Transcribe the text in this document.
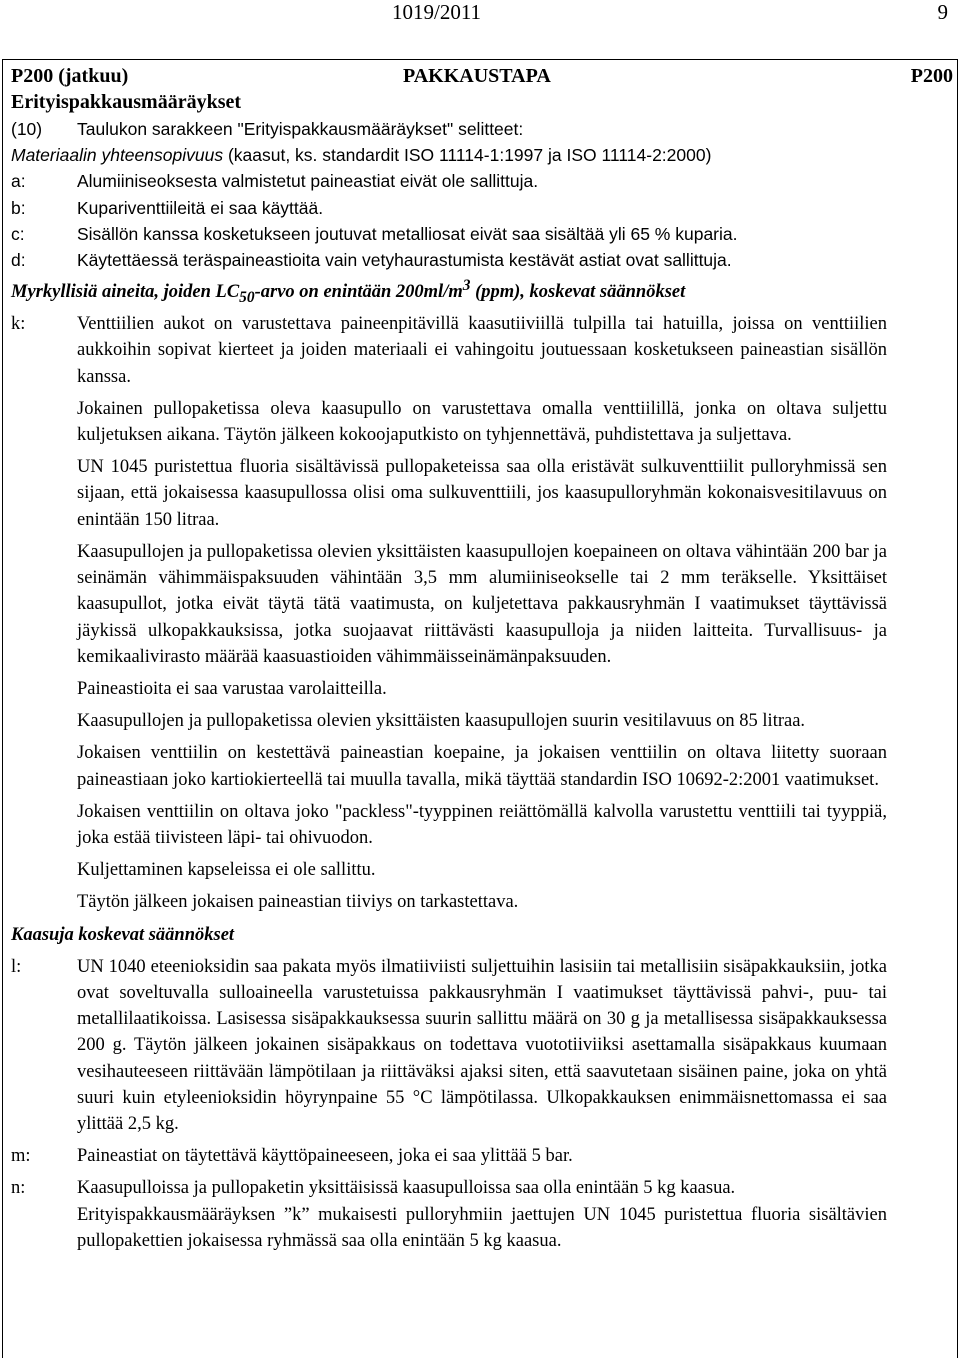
1019/2011	9
P200 (jatkuu)	PAKKAUSTAPA	P200
Erityispakkausmääräykset
(10)	Taulukon sarakkeen "Erityispakkausmääräykset" selitteet:
Materiaalin yhteensopivuus (kaasut, ks. standardit ISO 11114-1:1997 ja ISO 11114-2:2000)
a:	Alumiiniseoksesta valmistetut paineastiat eivät ole sallittuja.
b:	Kupariventtiileitä ei saa käyttää.
c:	Sisällön kanssa kosketukseen joutuvat metalliosat eivät saa sisältää yli 65 % kuparia.
d:	Käytettäessä teräspaineastioita vain vetyhaurastumista kestävät astiat ovat sallittuja.
Myrkyllisiä aineita, joiden $LC_{50}$-arvo on enintään $200ml/m^3$ (ppm), koskevat säännökset
k:	Venttiilien aukot on varustettava paineenpitävillä kaasutiiviillä tulpilla tai hatuilla, joissa on venttiilien aukkoihin sopivat kierteet ja joiden materiaali ei vahingoitu joutuessaan kosketukseen paineastian sisällön kanssa.
Jokainen pullopaketissa oleva kaasupullo on varustettava omalla venttiilillä, jonka on oltava suljettu kuljetuksen aikana. Täytön jälkeen kokoojaputkisto on tyhjennettävä, puhdistettava ja suljettava.
UN 1045 puristettua fluoria sisältävissä pullopaketeissa saa olla eristävät sulkuventtiilit pulloryhmissä sen sijaan, että jokaisessa kaasupullossa olisi oma sulkuventtiili, jos kaasupulloryhmän kokonaisvesitilavuus on enintään 150 litraa.
Kaasupullojen ja pullopaketissa olevien yksittäisten kaasupullojen koepaineen on oltava vähintään 200 bar ja seinämän vähimmäispaksuuden vähintään 3,5 mm alumiiniseokselle tai 2 mm teräkselle. Yksittäiset kaasupullot, jotka eivät täytä tätä vaatimusta, on kuljetettava pakkausryhmän I vaatimukset täyttävissä jäykissä ulkopakkauksissa, jotka suojaavat riittävästi kaasupulloja ja niiden laitteita. Turvallisuus- ja kemikaalivirasto määrää kaasuastioiden vähimmäisseinämänpaksuuden.
Paineastioita ei saa varustaa varolaitteilla.
Kaasupullojen ja pullopaketissa olevien yksittäisten kaasupullojen suurin vesitilavuus on 85 litraa.
Jokaisen venttiilin on kestettävä paineastian koepaine, ja jokaisen venttiilin on oltava liitetty suoraan paineastiaan joko kartiokierteellä tai muulla tavalla, mikä täyttää standardin ISO 10692-2:2001 vaatimukset.
Jokaisen venttiilin on oltava joko "packless"-tyyppinen reiättömällä kalvolla varustettu venttiili tai tyyppiä, joka estää tiivisteen läpi- tai ohivuodon.
Kuljettaminen kapseleissa ei ole sallittu.
Täytön jälkeen jokaisen paineastian tiiviys on tarkastettava.
Kaasuja koskevat säännökset
l:	UN 1040 eteenioksidin saa pakata myös ilmatiiviisti suljettuihin lasisiin tai metallisiin sisäpakkauksiin, jotka ovat soveltuvalla sulloaineella varustetuissa pakkausryhmän I vaatimukset täyttävissä pahvi-, puu- tai metallilaatikoissa. Lasisessa sisäpakkauksessa suurin sallittu määrä on 30 g ja metallisessa sisäpakkauksessa 200 g. Täytön jälkeen jokainen sisäpakkaus on todettava vuototiiviiksi asettamalla sisäpakkaus kuumaan vesihauteeseen riittävään lämpötilaan ja riittäväksi ajaksi siten, että saavutetaan sisäinen paine, joka on yhtä suuri kuin etyleenioksidin höyrynpaine 55 °C lämpötilassa. Ulkopakkauksen enimmäisnettomassa ei saa ylittää 2,5 kg.
m:	Paineastiat on täytettävä käyttöpaineeseen, joka ei saa ylittää 5 bar.
n:	Kaasupulloissa ja pullopaketin yksittäisissä kaasupulloissa saa olla enintään 5 kg kaasua.
Erityispakkausmääräyksen ”k” mukaisesti pulloryhmiin jaettujen UN 1045 puristettua fluoria sisältävien pullopakettien jokaisessa ryhmässä saa olla enintään 5 kg kaasua.
